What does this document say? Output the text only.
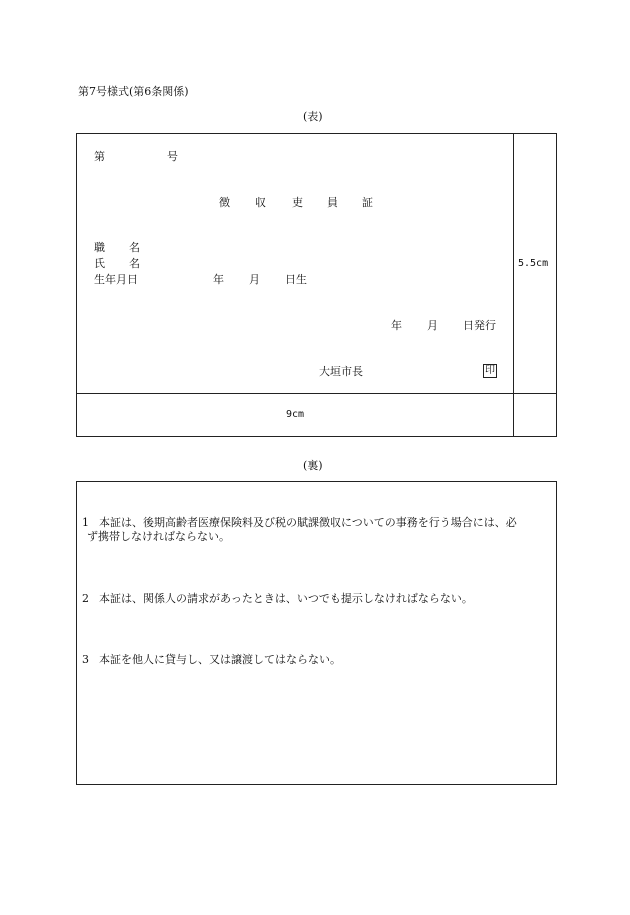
第7号様式(第6条関係)
(表)
第	号
徴 収 吏 員 証
職 名
氏 名
生年月日	年 月 日生
年 月 日発行
大垣市長	印
5.5cm
9cm
(裏)
1 本証は、後期高齢者医療保険料及び税の賦課徴収についての事務を行う場合には、必
ず携帯しなければならない。
2 本証は、関係人の請求があったときは、いつでも提示しなければならない。
3 本証を他人に貸与し、又は譲渡してはならない。
